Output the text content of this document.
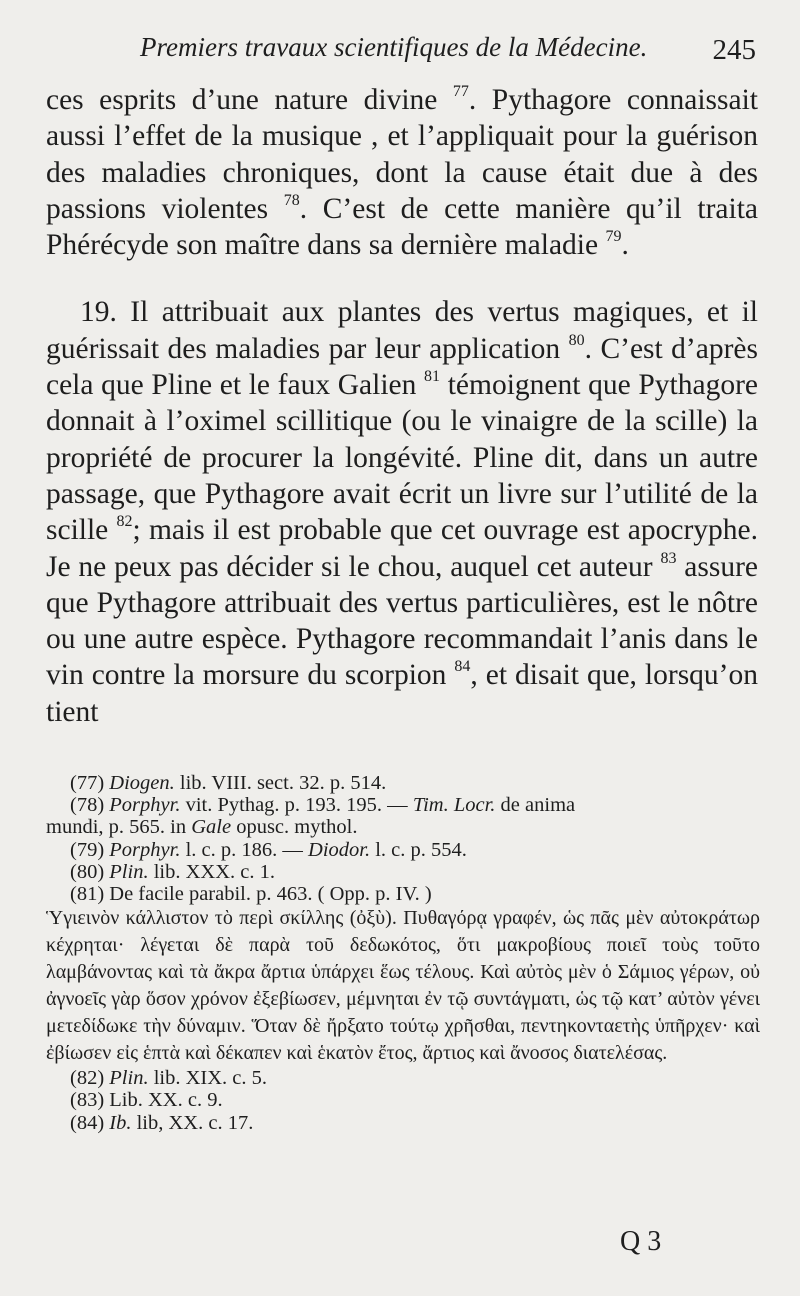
Premiers travaux scientifiques de la Médecine. 245

ces esprits d’une nature divine $^{77}$. Pythagore connaissait aussi l’effet de la musique , et l’appliquait pour la guérison des maladies chroniques, dont la cause était due à des passions violentes $^{78}$. C’est de cette manière qu’il traita Phérécyde son maître dans sa dernière maladie $^{79}$.

19. Il attribuait aux plantes des vertus magiques, et il guérissait des maladies par leur application $^{80}$. C’est d’après cela que Pline et le faux Galien $^{81}$ témoignent que Pythagore donnait à l’oximel scillitique (ou le vinaigre de la scille) la propriété de procurer la longévité. Pline dit, dans un autre passage, que Pythagore avait écrit un livre sur l’utilité de la scille $^{82}$; mais il est probable que cet ouvrage est apocryphe. Je ne peux pas décider si le chou, auquel cet auteur $^{83}$ assure que Pythagore attribuait des vertus particulières, est le nôtre ou une autre espèce. Pythagore recommandait l’anis dans le vin contre la morsure du scorpion $^{84}$, et disait que, lorsqu’on tient

(77) Diogen. lib. VIII. sect. 32. p. 514.

(78) Porphyr. vit. Pythag. p. 193. 195. — Tim. Locr. de anima

mundi, p. 565. in Gale opusc. mythol.

(79) Porphyr. l. c. p. 186. — Diodor. l. c. p. 554.

(80) Plin. lib. XXX. c. 1.

(81) De facile parabil. p. 463. ( Opp. p. IV. )

Ὑγιεινὸν κάλλιστον τὸ περὶ σκίλλης (ὀξὺ). Πυθαγόρᾳ γραφέν, ὡς πᾶς μὲν αὐτοκράτωρ κέχρηται· λέγεται δὲ παρὰ τοῦ δεδωκότος, ὅτι μακροβίους ποιεῖ τοὺς τοῦτο λαμβάνοντας καὶ τὰ ἄκρα ἄρτια ὑπάρχει ἕως τέλους. Καὶ αὐτὸς μὲν ὁ Σάμιος γέρων, οὐ ἀγνοεῖς γὰρ ὅσον χρόνον ἐξεβίωσεν, μέμνηται ἐν τῷ συντάγματι, ὡς τῷ κατ’ αὐτὸν γένει μετεδίδωκε τὴν δύναμιν. Ὅταν δὲ ἤρξατο τούτῳ χρῆσθαι, πεντηκονταετὴς ὑπῆρχεν· καὶ ἐβίωσεν εἰς ἑπτὰ καὶ δέκαπεν καὶ ἑκατὸν ἔτος, ἄρτιος καὶ ἄνοσος διατελέσας.

(82) Plin. lib. XIX. c. 5.

(83) Lib. XX. c. 9.

(84) Ib. lib, XX. c. 17.

Q 3
